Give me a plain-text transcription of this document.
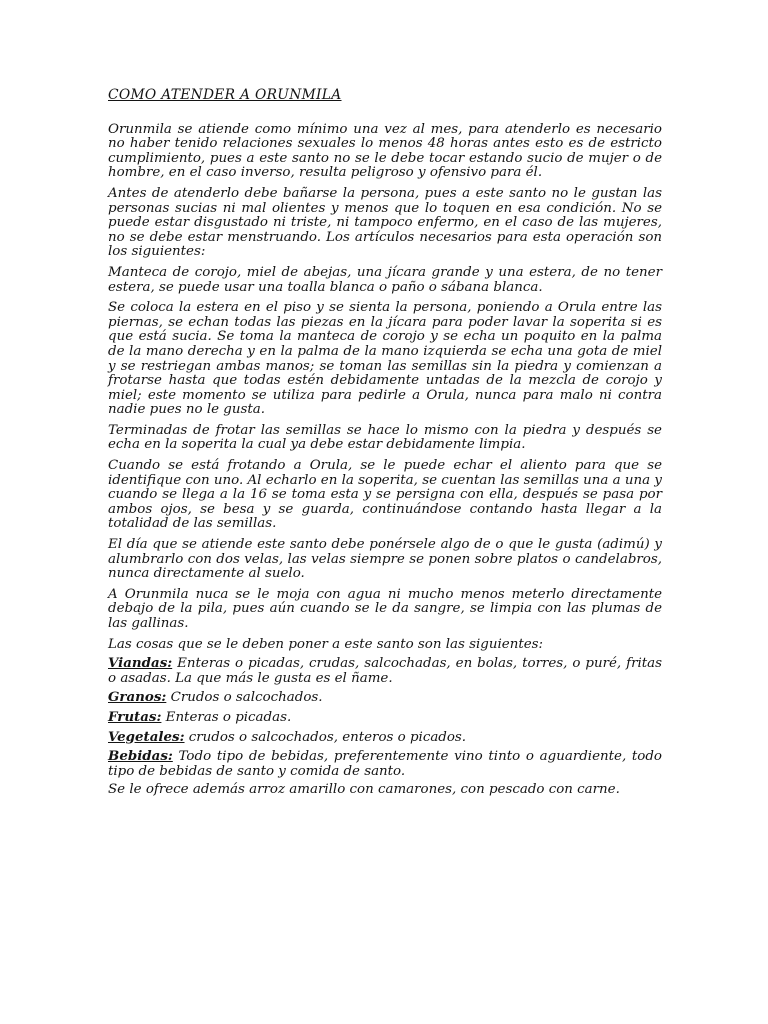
COMO ATENDER A ORUNMILA

Orunmila se atiende como mínimo una vez al mes, para atenderlo es necesario no haber tenido relaciones sexuales lo menos 48 horas antes esto es de estricto cumplimiento, pues a este santo no se le debe tocar estando sucio de mujer o de hombre, en el caso inverso, resulta peligroso y ofensivo para él.

Antes de atenderlo debe bañarse la persona, pues a este santo no le gustan las personas sucias ni mal olientes y menos que lo toquen en esa condición. No se puede estar disgustado ni triste, ni tampoco enfermo, en el caso de las mujeres, no se debe estar menstruando. Los artículos necesarios para esta operación son los siguientes:

Manteca de corojo, miel de abejas, una jícara grande y una estera, de no tener estera, se puede usar una toalla blanca o paño o sábana blanca.

Se coloca la estera en el piso y se sienta la persona, poniendo a Orula entre las piernas, se echan todas las piezas en la jícara para poder lavar la soperita si es que está sucia. Se toma la manteca de corojo y se echa un poquito en la palma de la mano derecha y en la palma de la mano izquierda se echa una gota de miel y se restriegan ambas manos; se toman las semillas sin la piedra y comienzan a frotarse hasta que todas estén debidamente untadas de la mezcla de corojo y miel; este momento se utiliza para pedirle a Orula, nunca para malo ni contra nadie pues no le gusta.

Terminadas de frotar las semillas se hace lo mismo con la piedra y después se echa en la soperita la cual ya debe estar debidamente limpia.

Cuando se está frotando a Orula, se le puede echar el aliento para que se identifique con uno. Al echarlo en la soperita, se cuentan las semillas una a una y cuando se llega a la 16 se toma esta y se persigna con ella, después se pasa por ambos ojos, se besa y se guarda, continuándose contando hasta llegar a la totalidad de las semillas.

El día que se atiende este santo debe ponérsele algo de o que le gusta (adimú) y alumbrarlo con dos velas, las velas siempre se ponen sobre platos o candelabros, nunca directamente al suelo.

A Orunmila nuca se le moja con agua ni mucho menos meterlo directamente debajo de la pila, pues aún cuando se le da sangre, se limpia con las plumas de las gallinas.

Las cosas que se le deben poner a este santo son las siguientes:

Viandas: Enteras o picadas, crudas, salcochadas, en bolas, torres, o puré, fritas o asadas. La que más le gusta es el ñame.

Granos: Crudos o salcochados.

Frutas: Enteras o picadas.

Vegetales: crudos o salcochados, enteros o picados.

Bebidas: Todo tipo de bebidas, preferentemente vino tinto o aguardiente, todo tipo de bebidas de santo y comida de santo.

Se le ofrece además arroz amarillo con camarones, con pescado con carne.
